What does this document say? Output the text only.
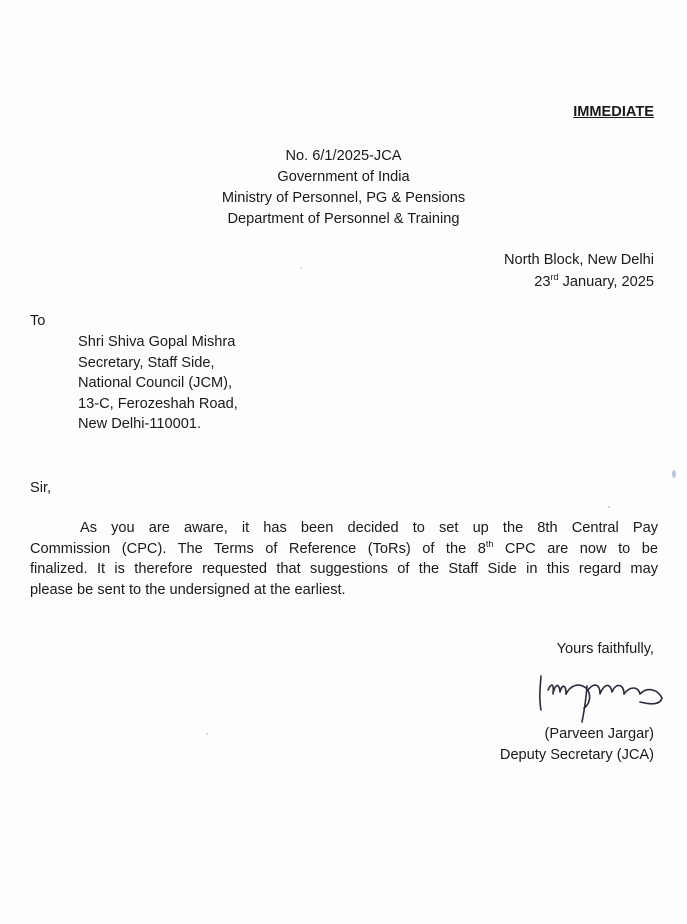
IMMEDIATE
No. 6/1/2025-JCA
Government of India
Ministry of Personnel, PG & Pensions
Department of Personnel & Training
North Block, New Delhi
23rd January, 2025
To
Shri Shiva Gopal Mishra
Secretary, Staff Side,
National Council (JCM),
13-C, Ferozeshah Road,
New Delhi-110001.
Sir,
As you are aware, it has been decided to set up the 8th Central Pay
Commission (CPC). The Terms of Reference (ToRs) of the 8th CPC are now to be
finalized. It is therefore requested that suggestions of the Staff Side in this regard may
please be sent to the undersigned at the earliest.
Yours faithfully,
(Parveen Jargar)
Deputy Secretary (JCA)
